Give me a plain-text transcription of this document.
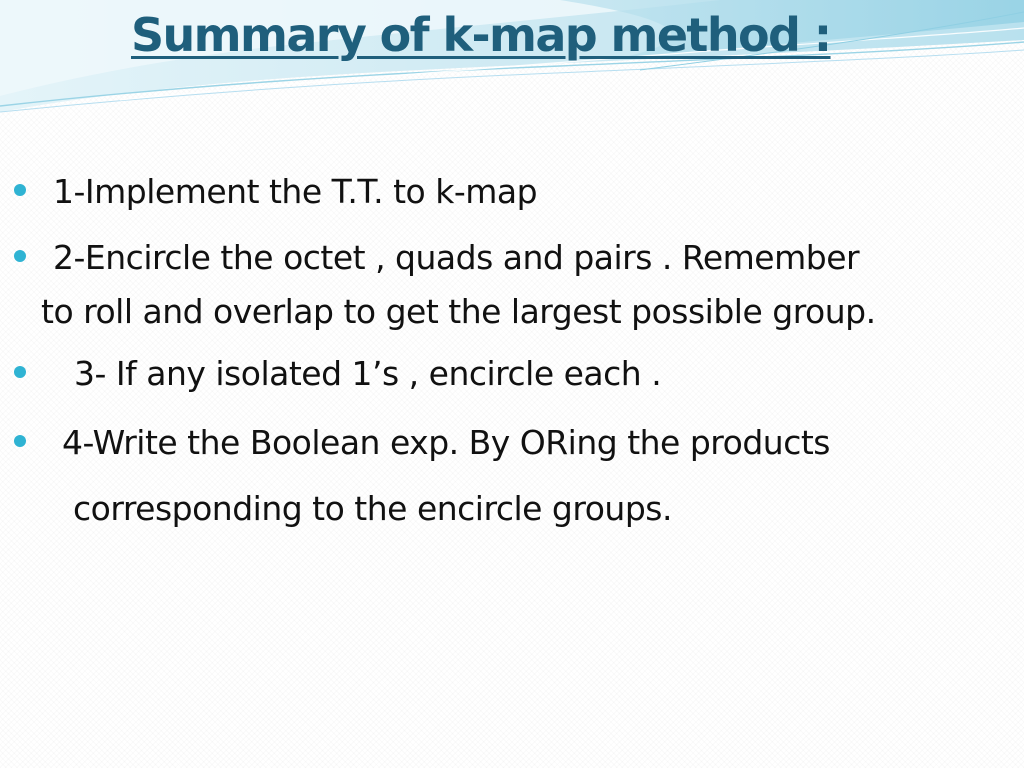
Summary of k-map method :
1-Implement the T.T. to k-map
2-Encircle the octet , quads and pairs . Remember
to roll and overlap to get the largest possible group.
3- If any isolated 1’s , encircle each .
4-Write the Boolean exp. By ORing the products
corresponding to the encircle groups.
